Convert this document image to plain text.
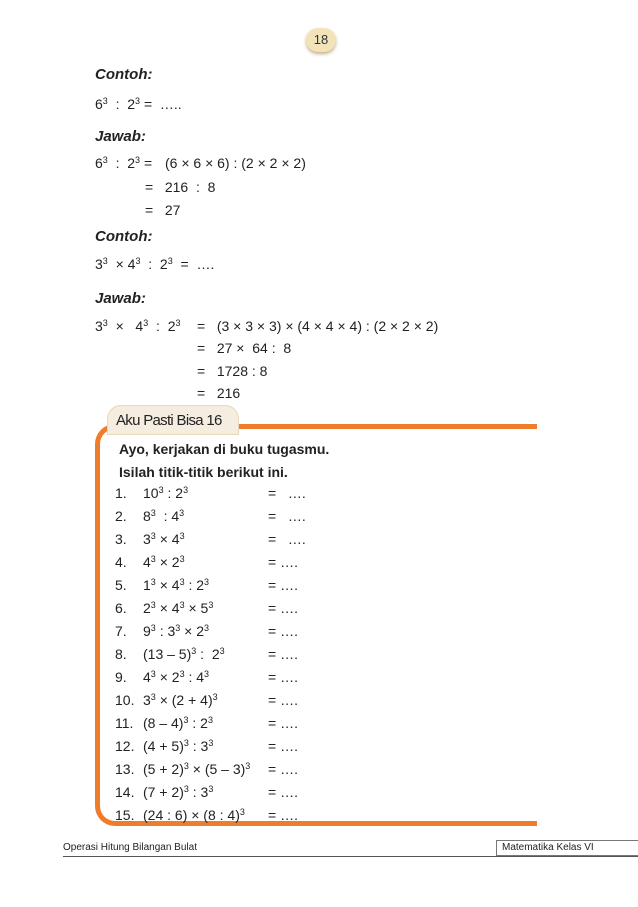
18
Contoh:
$6^3$  :  $2^3$ =  …..
Jawab:
$6^3$  :  $2^3 = (6 \times 6 \times 6)$ : (2 × 2 × 2)
=   216  :  8
=   27
Contoh:
$3^3 \times 4^3$  :  $2^3$  =  ….
Jawab:
$3^3 \times 4^3$  :  $2^3 = (3 \times 3 \times 3) \times (4 \times 4 \times 4)$ : (2 × 2 × 2)
=   27 ×  64 :  8
=   1728 : 8
=   216
Aku Pasti Bisa 16
Ayo, kerjakan di buku tugasmu.
Isilah titik-titik berikut ini.
1. $10^3$ : $2^3$	=   ….
2. $8^3$  : $4^3$	=   ….
3. $3^3 \times 4^3$	=   ….
4. $4^3 \times 2^3$	= ….
5. $1^3 \times 4^3$ : $2^3$	= ….
6. $2^3 \times 4^3 \times 5^3$	= ….
7. $9^3$ : $3^3 \times 2^3$	= ….
8. (13 – 5)$^3$ :  $2^3$	= ….
9. $4^3 \times 2^3$ : $4^3$	= ….
10. $3^3 \times (2 + 4)^3$	= ….
11. (8 – 4)$^3$ : $2^3$	= ….
12. $(4 + 5)^3$ : $3^3$	= ….
13. $(5 + 2)^3 \times (5 - 3)^3$ = ….
14. $(7 + 2)^3$ : $3^3$	= ….
15. (24 : 6) × (8 : 4)$^3$ = ….
Operasi Hitung Bilangan Bulat	Matematika Kelas VI
